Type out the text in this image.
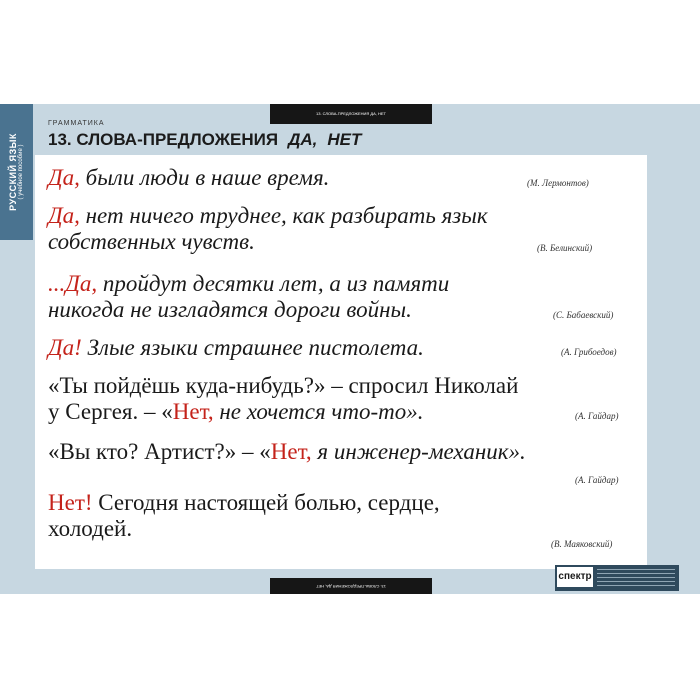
РУССКИЙ ЯЗЫК ( учебное пособие )
13. СЛОВА-ПРЕДЛОЖЕНИЯ ДА, НЕТ
ГРАММАТИКА
13. СЛОВА-ПРЕДЛОЖЕНИЯ ДА, НЕТ
Да, были люди в наше время.	(М. Лермонтов)
Да, нет ничего труднее, как разбирать язык
собственных чувств.	(В. Белинский)
...Да, пройдут десятки лет, а из памяти
никогда не изгладятся дороги войны.	(С. Бабаевский)
Да! Злые языки страшнее пистолета.	(А. Грибоедов)
«Ты пойдёшь куда-нибудь?» – спросил Николай
у Сергея. – «Нет, не хочется что-то».	(А. Гайдар)
«Вы кто? Артист?» – «Нет, я инженер-механик».
(А. Гайдар)
Нет! Сегодня настоящей болью, сердце,
холодей.
(В. Маяковский)
13. СЛОВА-ПРЕДЛОЖЕНИЯ ДА, НЕТ
спектр
